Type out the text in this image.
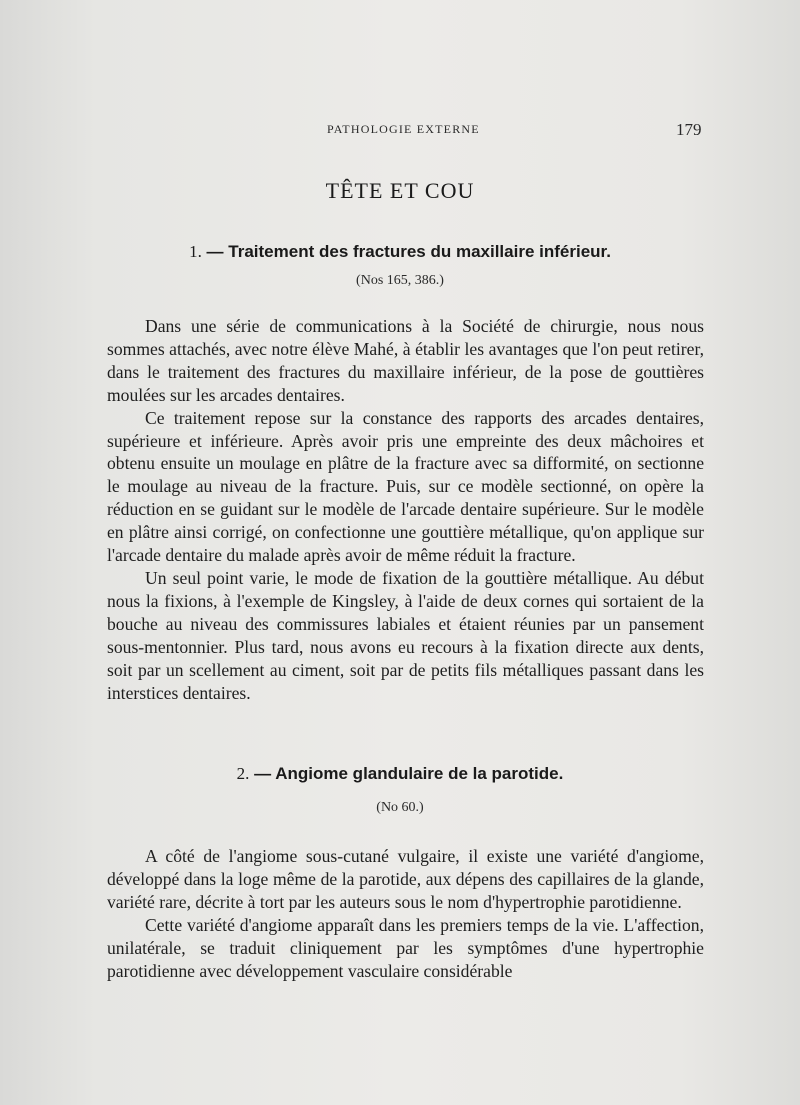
PATHOLOGIE EXTERNE	179
TÊTE ET COU
1. — Traitement des fractures du maxillaire inférieur.
(Nos 165, 386.)

Dans une série de communications à la Société de chirurgie, nous nous sommes attachés, avec notre élève Mahé, à établir les avantages que l'on peut retirer, dans le traitement des fractures du maxillaire inférieur, de la pose de gouttières moulées sur les arcades dentaires.

Ce traitement repose sur la constance des rapports des arcades dentaires, supérieure et inférieure. Après avoir pris une empreinte des deux mâchoires et obtenu ensuite un moulage en plâtre de la fracture avec sa difformité, on sectionne le moulage au niveau de la fracture. Puis, sur ce modèle sectionné, on opère la réduction en se guidant sur le modèle de l'arcade dentaire supérieure. Sur le modèle en plâtre ainsi corrigé, on confectionne une gouttière métallique, qu'on applique sur l'arcade dentaire du malade après avoir de même réduit la fracture.

Un seul point varie, le mode de fixation de la gouttière métallique. Au début nous la fixions, à l'exemple de Kingsley, à l'aide de deux cornes qui sortaient de la bouche au niveau des commissures labiales et étaient réunies par un pansement sous-mentonnier. Plus tard, nous avons eu recours à la fixation directe aux dents, soit par un scellement au ciment, soit par de petits fils métalliques passant dans les interstices dentaires.

2. — Angiome glandulaire de la parotide.
(No 60.)

A côté de l'angiome sous-cutané vulgaire, il existe une variété d'angiome, développé dans la loge même de la parotide, aux dépens des capillaires de la glande, variété rare, décrite à tort par les auteurs sous le nom d'hypertrophie parotidienne.

Cette variété d'angiome apparaît dans les premiers temps de la vie. L'affection, unilatérale, se traduit cliniquement par les symptômes d'une hypertrophie parotidienne avec développement vasculaire considérable
